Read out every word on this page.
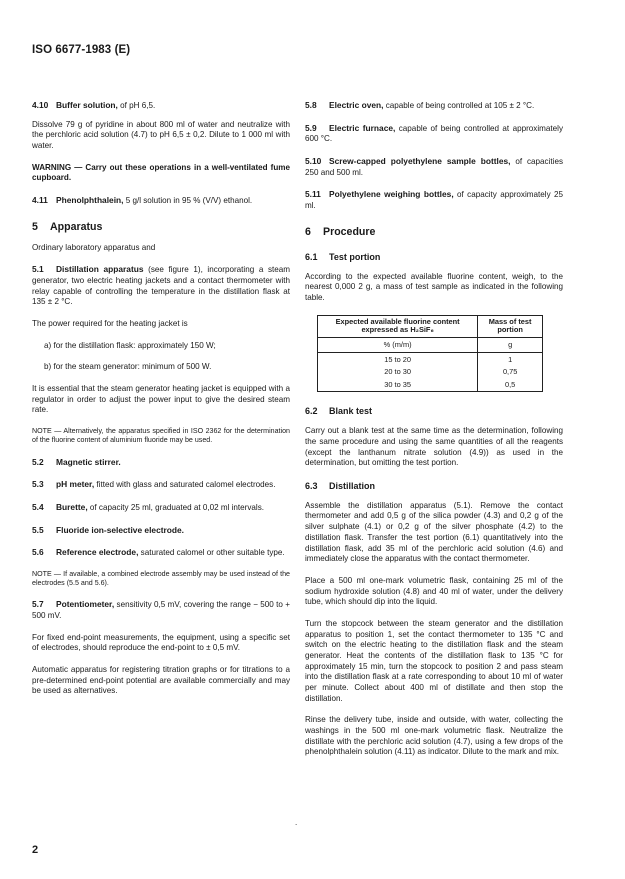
ISO 6677-1983 (E)

4.10 Buffer solution, of pH 6,5.

Dissolve 79 g of pyridine in about 800 ml of water and neutralize with the perchloric acid solution (4.7) to pH 6,5 ± 0,2. Dilute to 1 000 ml with water.

WARNING — Carry out these operations in a well-ventilated fume cupboard.

4.11 Phenolphthalein, 5 g/l solution in 95 % (V/V) ethanol.

5 Apparatus

Ordinary laboratory apparatus and

5.1 Distillation apparatus (see figure 1), incorporating a steam generator, two electric heating jackets and a contact thermometer with relay capable of controlling the temperature in the distillation flask at 135 ± 2 °C.

The power required for the heating jacket is

a) for the distillation flask: approximately 150 W;

b) for the steam generator: minimum of 500 W.

It is essential that the steam generator heating jacket is equipped with a regulator in order to adjust the power input to give the desired steam rate.

NOTE — Alternatively, the apparatus specified in ISO 2362 for the determination of the fluorine content of aluminium fluoride may be used.

5.2 Magnetic stirrer.

5.3 pH meter, fitted with glass and saturated calomel electrodes.

5.4 Burette, of capacity 25 ml, graduated at 0,02 ml intervals.

5.5 Fluoride ion-selective electrode.

5.6 Reference electrode, saturated calomel or other suitable type.

NOTE — If available, a combined electrode assembly may be used instead of the electrodes (5.5 and 5.6).

5.7 Potentiometer, sensitivity 0,5 mV, covering the range − 500 to + 500 mV.

For fixed end-point measurements, the equipment, using a specific set of electrodes, should reproduce the end-point to ± 0,5 mV.

Automatic apparatus for registering titration graphs or for titrations to a pre-determined end-point potential are available commercially and may be used as alternatives.

5.8 Electric oven, capable of being controlled at 105 ± 2 °C.

5.9 Electric furnace, capable of being controlled at approximately 600 °C.

5.10 Screw-capped polyethylene sample bottles, of capacities 250 and 500 ml.

5.11 Polyethylene weighing bottles, of capacity approximately 25 ml.

6 Procedure
6.1 Test portion

According to the expected available fluorine content, weigh, to the nearest 0,000 2 g, a mass of test sample as indicated in the following table.

Expected available fluorine content expressed as H₂SiF₆	Mass of test portion
% (m/m)	g
15 to 20	1
20 to 30	0,75
30 to 35	0,5
6.2 Blank test

Carry out a blank test at the same time as the determination, following the same procedure and using the same quantities of all the reagents (except the lanthanum nitrate solution (4.9)) as used in the determination, but omitting the test portion.

6.3 Distillation

Assemble the distillation apparatus (5.1). Remove the contact thermometer and add 0,5 g of the silica powder (4.3) and 0,2 g of the silver sulphate (4.1) or 0,2 g of the silver phosphate (4.2) to the distillation flask. Transfer the test portion (6.1) quantitatively into the distillation flask, add 35 ml of the perchloric acid solution (4.6) and immediately close the apparatus with the contact thermometer.

Place a 500 ml one-mark volumetric flask, containing 25 ml of the sodium hydroxide solution (4.8) and 40 ml of water, under the delivery tube, which should dip into the liquid.

Turn the stopcock between the steam generator and the distillation apparatus to position 1, set the contact thermometer to 135 °C and switch on the electric heating to the distillation flask and the steam generator. Heat the contents of the distillation flask to 135 °C for approximately 15 min, turn the stopcock to position 2 and pass steam into the distillation flask at a rate corresponding to about 10 ml of water per minute. Collect about 400 ml of distillate and then stop the distillation.

Rinse the delivery tube, inside and outside, with water, collecting the washings in the 500 ml one-mark volumetric flask. Neutralize the distillate with the perchloric acid solution (4.7), using a few drops of the phenolphthalein solution (4.11) as indicator. Dilute to the mark and mix.

.
2
